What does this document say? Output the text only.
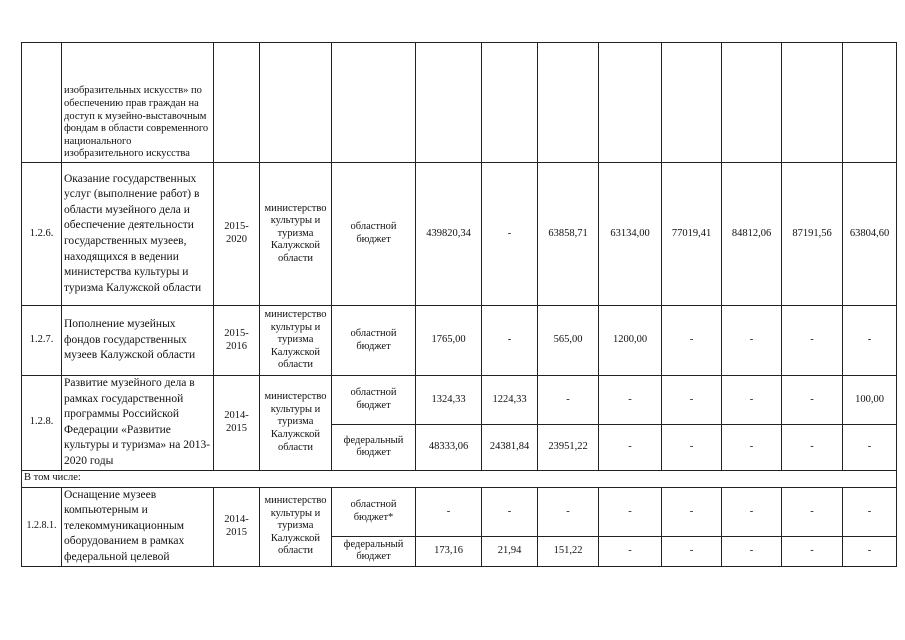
	изобразительных искусств» по обеспечению прав граждан на доступ к музейно-выставочным фондам в области современного национального изобразительного искусства											
1.2.6.	Оказание государственных услуг (выполнение работ) в области музейного дела и обеспечение деятельности государственных музеев, находящихся в ведении министерства культуры и туризма Калужской области	2015-2020	министерство культуры и туризма Калужской области	областной бюджет	439820,34	-	63858,71	63134,00	77019,41	84812,06	87191,56	63804,60
1.2.7.	Пополнение музейных фондов государственных музеев Калужской области	2015-2016	министерство культуры и туризма Калужской области	областной бюджет	1765,00	-	565,00	1200,00	-	-	-	-
1.2.8.	Развитие музейного дела в рамках государственной программы Российской Федерации «Развитие культуры и туризма» на 2013-2020 годы	2014-2015	министерство культуры и туризма Калужской области	областной бюджет	1324,33	1224,33	-	-	-	-	-	100,00
				федеральный бюджет	48333,06	24381,84	23951,22	-	-	-	-	-
В том числе:												
1.2.8.1.	Оснащение музеев компьютерным и телекоммуникационным оборудованием в рамках федеральной целевой	2014-2015	министерство культуры и туризма Калужской области	областной бюджет*	-	-	-	-	-	-	-	-
				федеральный бюджет	173,16	21,94	151,22	-	-	-	-	-
